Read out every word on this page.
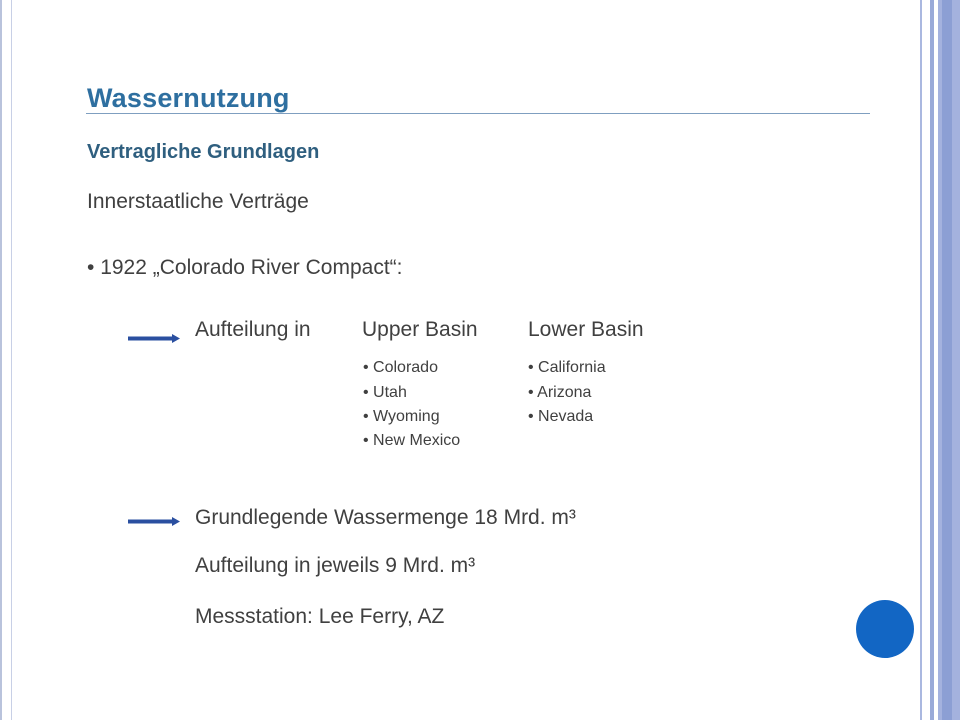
Wassernutzung
Vertragliche Grundlagen
Innerstaatliche Verträge
• 1922 „Colorado River Compact“:
Aufteilung in Upper Basin Lower Basin
• Colorado
• Utah
• Wyoming
• New Mexico
• California
• Arizona
• Nevada
Grundlegende Wassermenge 18 Mrd. m³
Aufteilung in jeweils 9 Mrd. m³
Messstation: Lee Ferry, AZ
